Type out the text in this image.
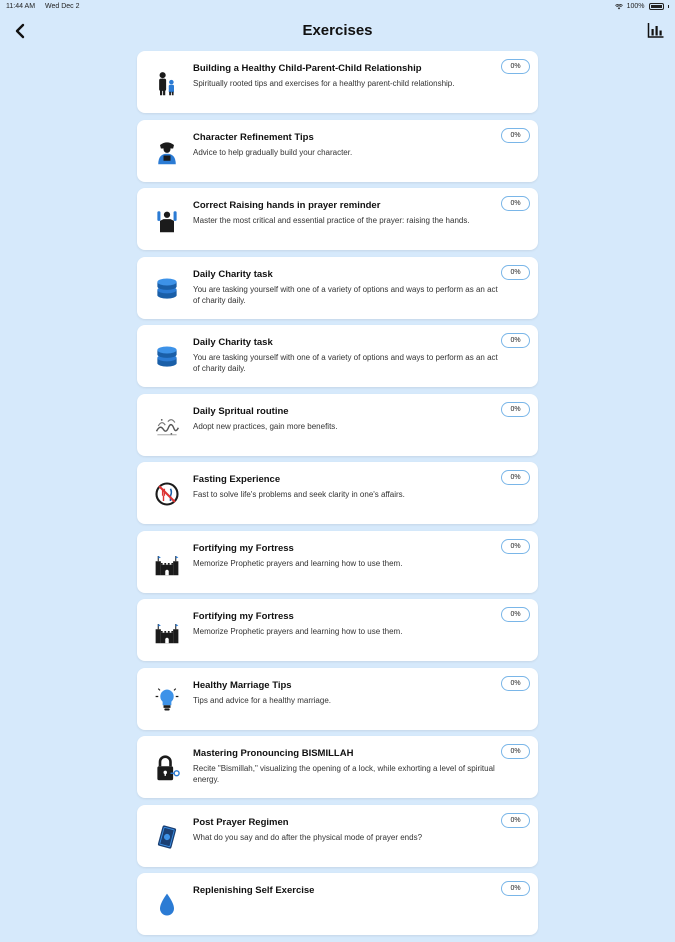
11:44 AM Wed Dec 2	100%
Exercises
Building a Healthy Child-Parent-Child Relationship
Spiritually rooted tips and exercises for a healthy parent-child relationship.
0%
Character Refinement Tips
Advice to help gradually build your character.
0%
Correct Raising hands in prayer reminder
Master the most critical and essential practice of the prayer: raising the hands.
0%
Daily Charity task
You are tasking yourself with one of a variety of options and ways to perform as an act of charity daily.
0%
Daily Charity task
You are tasking yourself with one of a variety of options and ways to perform as an act of charity daily.
0%
Daily Spritual routine
Adopt new practices, gain more benefits.
0%
Fasting Experience
Fast to solve life's problems and seek clarity in one's affairs.
0%
Fortifying my Fortress
Memorize Prophetic prayers and learning how to use them.
0%
Fortifying my Fortress
Memorize Prophetic prayers and learning how to use them.
0%
Healthy Marriage Tips
Tips and advice for a healthy marriage.
0%
Mastering Pronouncing BISMILLAH
Recite "Bismillah," visualizing the opening of a lock, while exhorting a level of spiritual energy.
0%
Post Prayer Regimen
What do you say and do after the physical mode of prayer ends?
0%
Replenishing Self Exercise	0%
